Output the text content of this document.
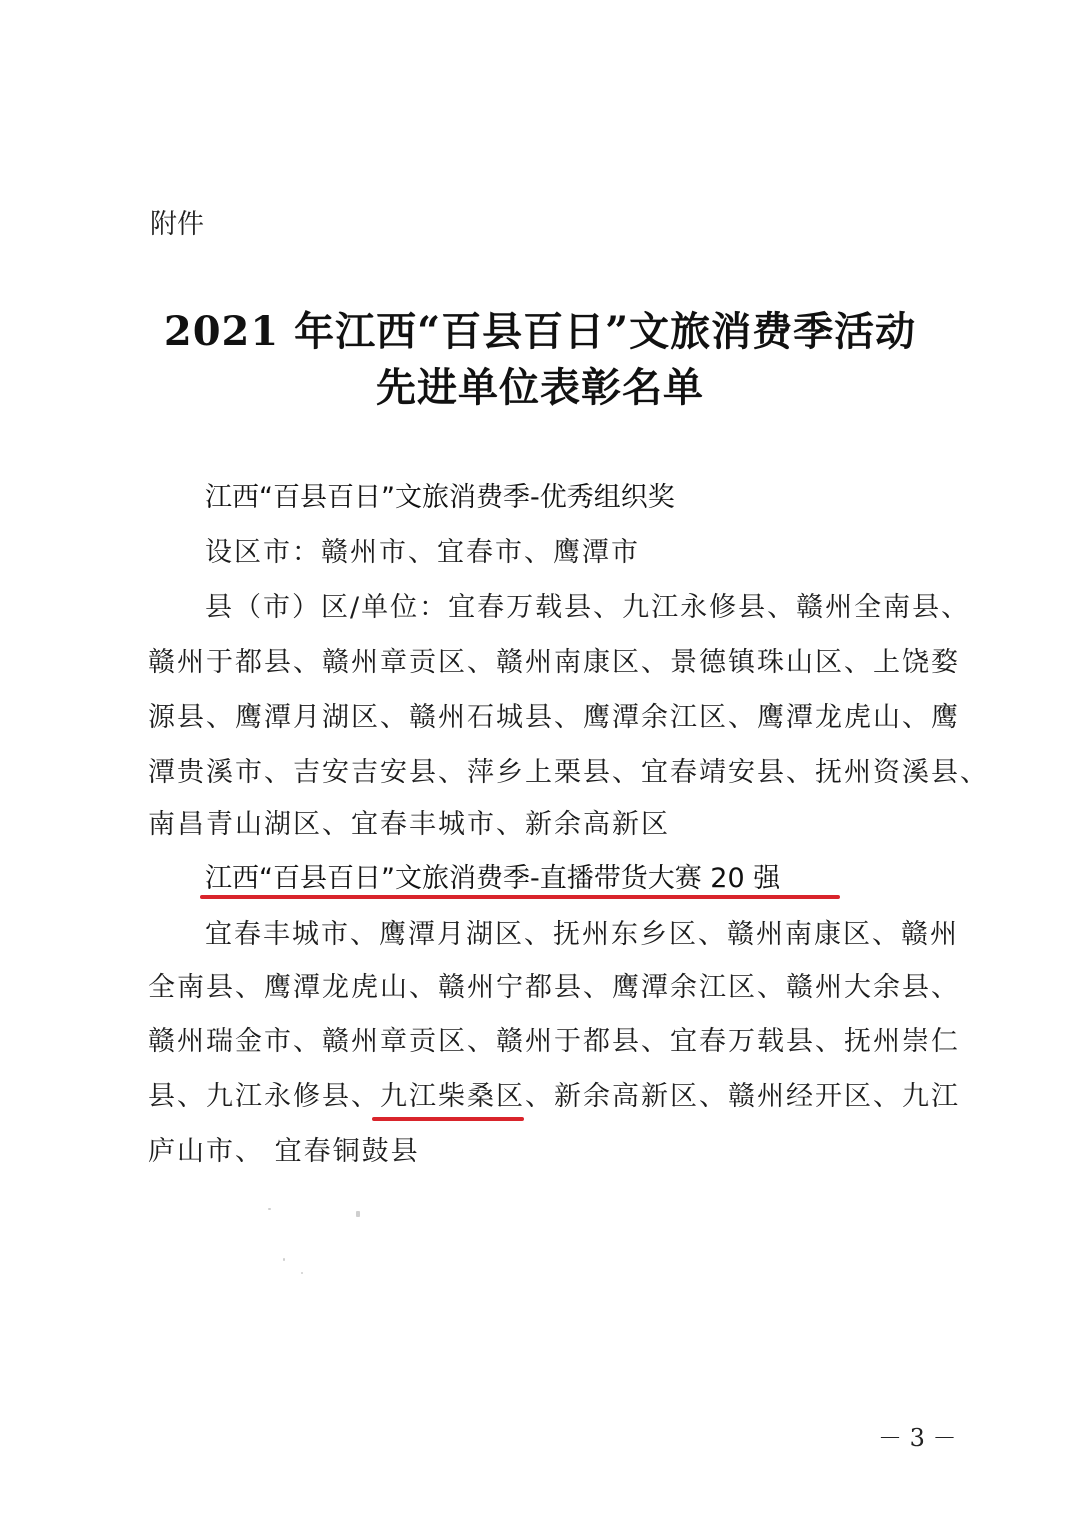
附件
2021 年江西“百县百日”文旅消费季活动
先进单位表彰名单
江西“百县百日”文旅消费季-优秀组织奖
设区市：赣州市、宜春市、鹰潭市
县（市）区/单位：宜春万载县、九江永修县、赣州全南县、
赣州于都县、赣州章贡区、赣州南康区、景德镇珠山区、上饶婺
源县、鹰潭月湖区、赣州石城县、鹰潭余江区、鹰潭龙虎山、鹰
潭贵溪市、吉安吉安县、萍乡上栗县、宜春靖安县、抚州资溪县、
南昌青山湖区、宜春丰城市、新余高新区
江西“百县百日”文旅消费季-直播带货大赛 20 强
宜春丰城市、鹰潭月湖区、抚州东乡区、赣州南康区、赣州
全南县、鹰潭龙虎山、赣州宁都县、鹰潭余江区、赣州大余县、
赣州瑞金市、赣州章贡区、赣州于都县、宜春万载县、抚州崇仁
县、九江永修县、九江柴桑区、新余高新区、赣州经开区、九江
庐山市、 宜春铜鼓县
－ 3 －
